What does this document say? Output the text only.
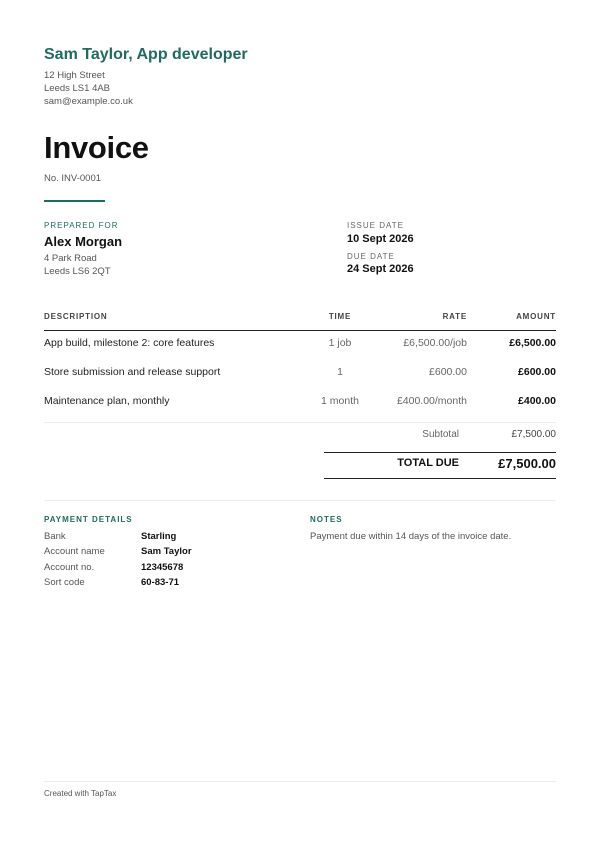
Sam Taylor, App developer
12 High Street
Leeds LS1 4AB
sam@example.co.uk
Invoice
No. INV-0001
PREPARED FOR
Alex Morgan
4 Park Road
Leeds LS6 2QT
ISSUE DATE
10 Sept 2026
DUE DATE
24 Sept 2026
DESCRIPTION	TIME	RATE	AMOUNT
App build, milestone 2: core features	1 job	£6,500.00/job	£6,500.00
Store submission and release support	1	£600.00	£600.00
Maintenance plan, monthly	1 month	£400.00/month	£400.00
Subtotal	£7,500.00
TOTAL DUE	£7,500.00
PAYMENT DETAILS
Bank	Starling
Account name	Sam Taylor
Account no.	12345678
Sort code	60-83-71
NOTES
Payment due within 14 days of the invoice date.
Created with TapTax
